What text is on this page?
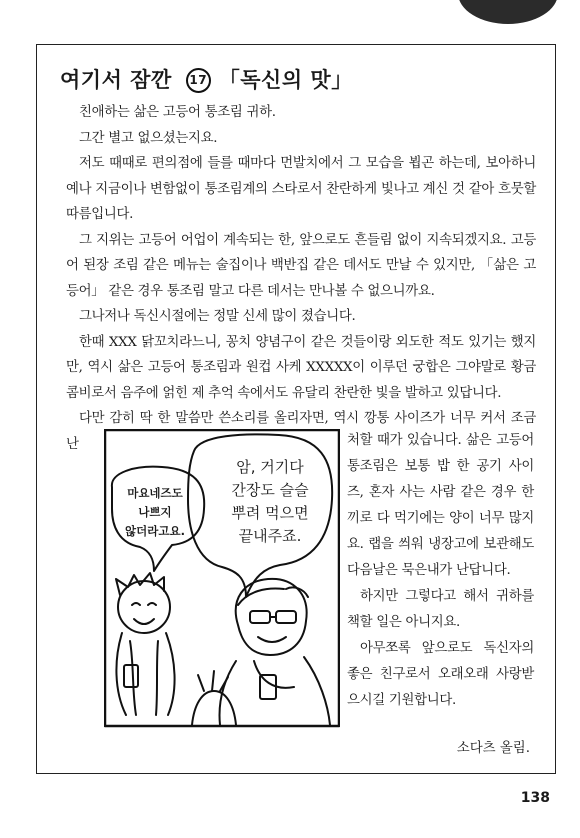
여기서 잠깐 17 「독신의 맛」

친애하는 삶은 고등어 통조림 귀하.

그간 별고 없으셨는지요.

저도 때때로 편의점에 들를 때마다 먼발치에서 그 모습을 뵙곤 하는데, 보아하니 예나 지금이나 변함없이 통조림계의 스타로서 찬란하게 빛나고 계신 것 같아 흐뭇할 따름입니다.

그 지위는 고등어 어업이 계속되는 한, 앞으로도 흔들림 없이 지속되겠지요. 고등어 된장 조림 같은 메뉴는 술집이나 백반집 같은 데서도 만날 수 있지만, 「삶은 고등어」 같은 경우 통조림 말고 다른 데서는 만나볼 수 없으니까요.

그나저나 독신시절에는 정말 신세 많이 졌습니다.

한때 XXX 닭꼬치라느니, 꽁치 양념구이 같은 것들이랑 외도한 적도 있기는 했지만, 역시 삶은 고등어 통조림과 원컵 사케 XXXXX이 이루던 궁합은 그야말로 황금 콤비로서 음주에 얽힌 제 추억 속에서도 유달리 찬란한 빛을 발하고 있답니다.

다만 감히 딱 한 말씀만 쓴소리를 올리자면, 역시 깡통 사이즈가 너무 커서 조금 난	처할 때가 있습니다. 삶은 고등어 통조림은 보통 밥 한 공기 사이즈, 혼자 사는 사람 같은 경우 한 끼로 다 먹기에는 양이 너무 많지요. 랩을 씌워 냉장고에 보관해도 다음날은 묵은내가 난답니다.

하지만 그렇다고 해서 귀하를 책할 일은 아니지요.

아무쪼록 앞으로도 독신자의 좋은 친구로서 오래오래 사랑받으시길 기원합니다.

암, 거기다
간장도 슬슬
뿌려 먹으면
끝내주죠.
마요네즈도
나쁘지
않더라고요.
소다츠 올림.
138
